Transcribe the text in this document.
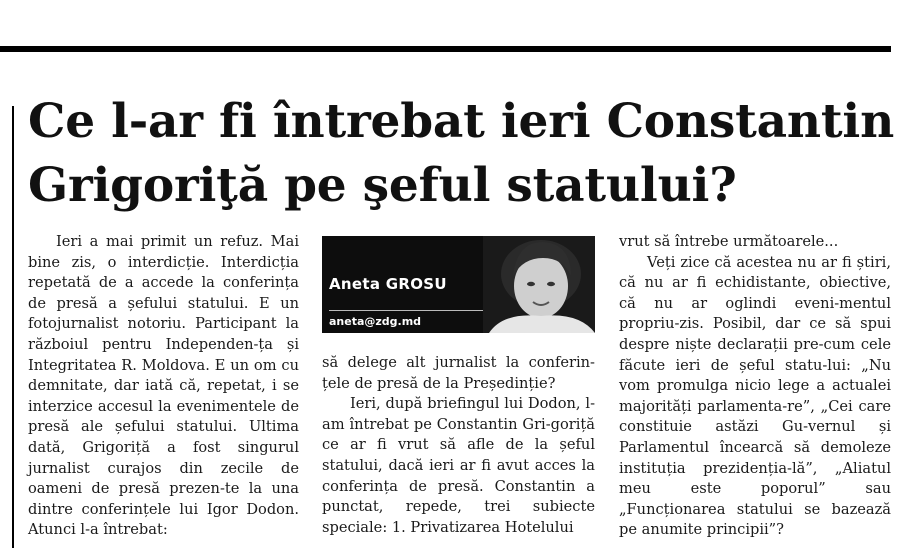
Ce l-ar fi întrebat ieri Constantin
Grigoriţă pe şeful statului?

Ieri a mai primit un refuz. Mai bine zis, o interdicție. Interdicția repetată de a accede la conferința de presă a șefului statului. E un fotojurnalist notoriu. Participant la războiul pentru Independen-ța și Integritatea R. Moldova. E un om cu demnitate, dar iată că, repetat, i se interzice accesul la evenimentele de presă ale șefului statului. Ultima dată, Grigoriță a fost singurul jurnalist curajos din zecile de oameni de presă prezen-te la una dintre conferințele lui Igor Dodon. Atunci l-a întrebat:

Aneta GROSU
aneta@zdg.md

să delege alt jurnalist la conferin-țele de presă de la Președinție?

Ieri, după briefingul lui Dodon, l-am întrebat pe Constantin Gri-goriță ce ar fi vrut să afle de la șeful statului, dacă ieri ar fi avut acces la conferința de presă. Constantin a punctat, repede, trei subiecte speciale: 1. Privatizarea Hotelului

vrut să întrebe următoarele...

Veți zice că acestea nu ar fi știri, că nu ar fi echidistante, obiective, că nu ar oglindi eveni-mentul propriu-zis. Posibil, dar ce să spui despre niște declarații pre-cum cele făcute ieri de șeful statu-lui: „Nu vom promulga nicio lege a actualei majorități parlamenta-re”, „Cei care constituie astăzi Gu-vernul și Parlamentul încearcă să demoleze instituția prezidenția-lă”, „Aliatul meu este poporul” sau „Funcționarea statului se bazează pe anumite principii”?
